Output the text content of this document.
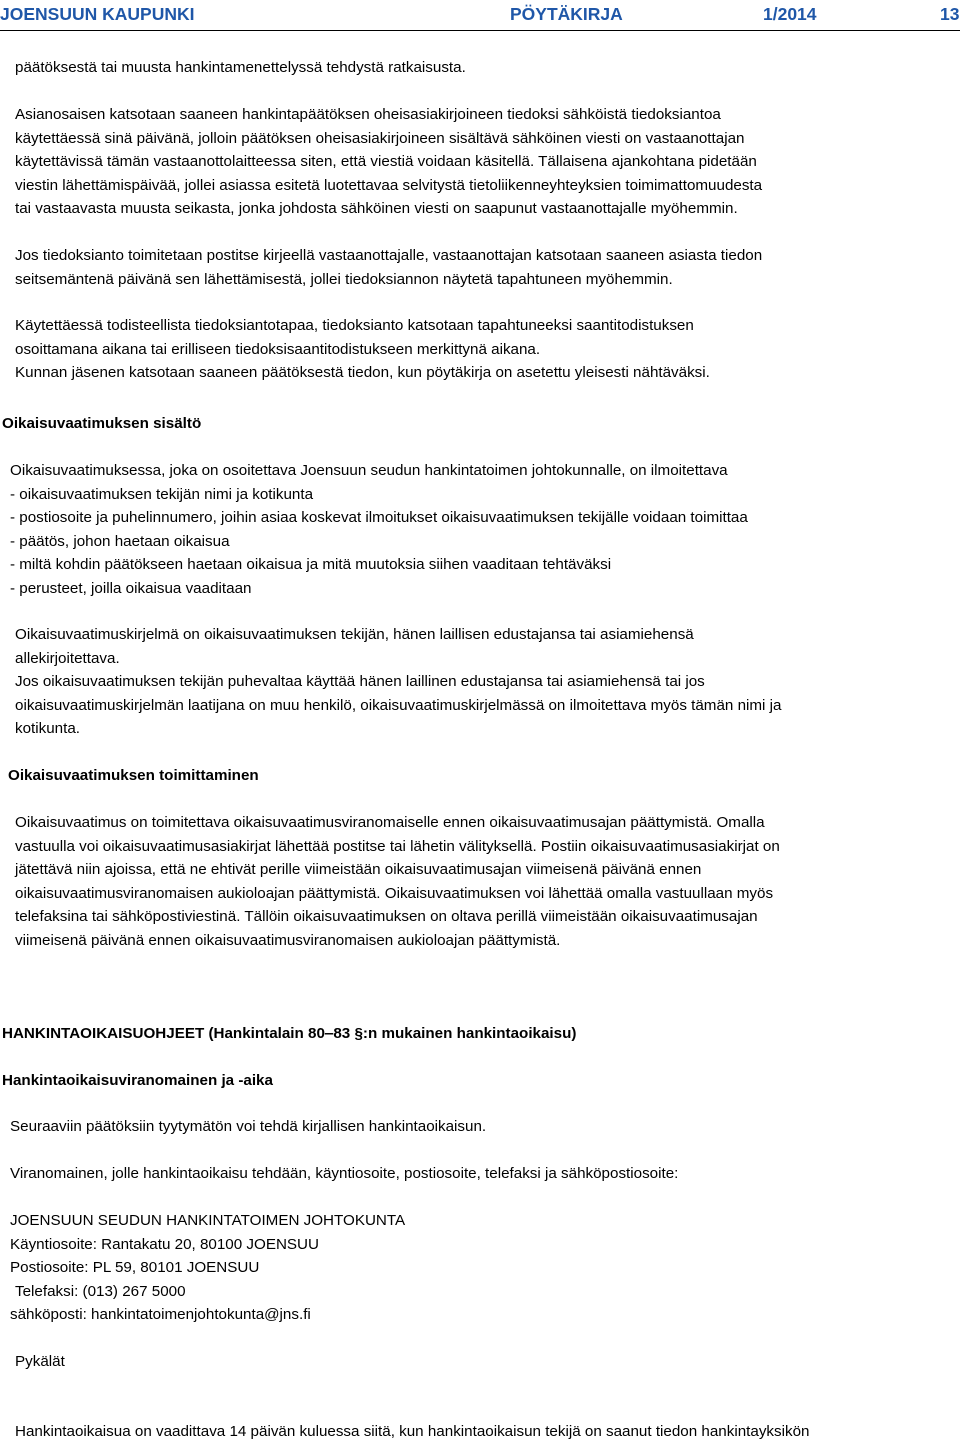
JOENSUUN KAUPUNKI	PÖYTÄKIRJA	1/2014	13
päätöksestä tai muusta hankintamenettelyssä tehdystä ratkaisusta.
Asianosaisen katsotaan saaneen hankintapäätöksen oheisasiakirjoineen tiedoksi sähköistä tiedoksiantoa
käytettäessä sinä päivänä, jolloin päätöksen oheisasiakirjoineen sisältävä sähköinen viesti on vastaanottajan
käytettävissä tämän vastaanottolaitteessa siten, että viestiä voidaan käsitellä. Tällaisena ajankohtana pidetään
viestin lähettämispäivää, jollei asiassa esitetä luotettavaa selvitystä tietoliikenneyhteyksien toimimattomuudesta
tai vastaavasta muusta seikasta, jonka johdosta sähköinen viesti on saapunut vastaanottajalle myöhemmin.
Jos tiedoksianto toimitetaan postitse kirjeellä vastaanottajalle, vastaanottajan katsotaan saaneen asiasta tiedon
seitsemäntenä päivänä sen lähettämisestä, jollei tiedoksiannon näytetä tapahtuneen myöhemmin.
Käytettäessä todisteellista tiedoksiantotapaa, tiedoksianto katsotaan tapahtuneeksi saantitodistuksen
osoittamana aikana tai erilliseen tiedoksisaantitodistukseen merkittynä aikana.
Kunnan jäsenen katsotaan saaneen päätöksestä tiedon, kun pöytäkirja on asetettu yleisesti nähtäväksi.
Oikaisuvaatimuksen sisältö
Oikaisuvaatimuksessa, joka on osoitettava Joensuun seudun hankintatoimen johtokunnalle, on ilmoitettava
- oikaisuvaatimuksen tekijän nimi ja kotikunta
- postiosoite ja puhelinnumero, joihin asiaa koskevat ilmoitukset oikaisuvaatimuksen tekijälle voidaan toimittaa
- päätös, johon haetaan oikaisua
- miltä kohdin päätökseen haetaan oikaisua ja mitä muutoksia siihen vaaditaan tehtäväksi
- perusteet, joilla oikaisua vaaditaan
Oikaisuvaatimuskirjelmä on oikaisuvaatimuksen tekijän, hänen laillisen edustajansa tai asiamiehensä
allekirjoitettava.
Jos oikaisuvaatimuksen tekijän puhevaltaa käyttää hänen laillinen edustajansa tai asiamiehensä tai jos
oikaisuvaatimuskirjelmän laatijana on muu henkilö, oikaisuvaatimuskirjelmässä on ilmoitettava myös tämän nimi ja
kotikunta.
Oikaisuvaatimuksen toimittaminen
Oikaisuvaatimus on toimitettava oikaisuvaatimusviranomaiselle ennen oikaisuvaatimusajan päättymistä. Omalla
vastuulla voi oikaisuvaatimusasiakirjat lähettää postitse tai lähetin välityksellä. Postiin oikaisuvaatimusasiakirjat on
jätettävä niin ajoissa, että ne ehtivät perille viimeistään oikaisuvaatimusajan viimeisenä päivänä ennen
oikaisuvaatimusviranomaisen aukioloajan päättymistä. Oikaisuvaatimuksen voi lähettää omalla vastuullaan myös
telefaksina tai sähköpostiviestinä. Tällöin oikaisuvaatimuksen on oltava perillä viimeistään oikaisuvaatimusajan
viimeisenä päivänä ennen oikaisuvaatimusviranomaisen aukioloajan päättymistä.
HANKINTAOIKAISUOHJEET (Hankintalain 80‒83 §:n mukainen hankintaoikaisu)
Hankintaoikaisuviranomainen ja -aika
Seuraaviin päätöksiin tyytymätön voi tehdä kirjallisen hankintaoikaisun.
Viranomainen, jolle hankintaoikaisu tehdään, käyntiosoite, postiosoite, telefaksi ja sähköpostiosoite:
JOENSUUN SEUDUN HANKINTATOIMEN JOHTOKUNTA
Käyntiosoite: Rantakatu 20, 80100 JOENSUU
Postiosoite: PL 59, 80101 JOENSUU
Telefaksi: (013) 267 5000
sähköposti: hankintatoimenjohtokunta@jns.fi
Pykälät
Hankintaoikaisua on vaadittava 14 päivän kuluessa siitä, kun hankintaoikaisun tekijä on saanut tiedon hankintayksikön
